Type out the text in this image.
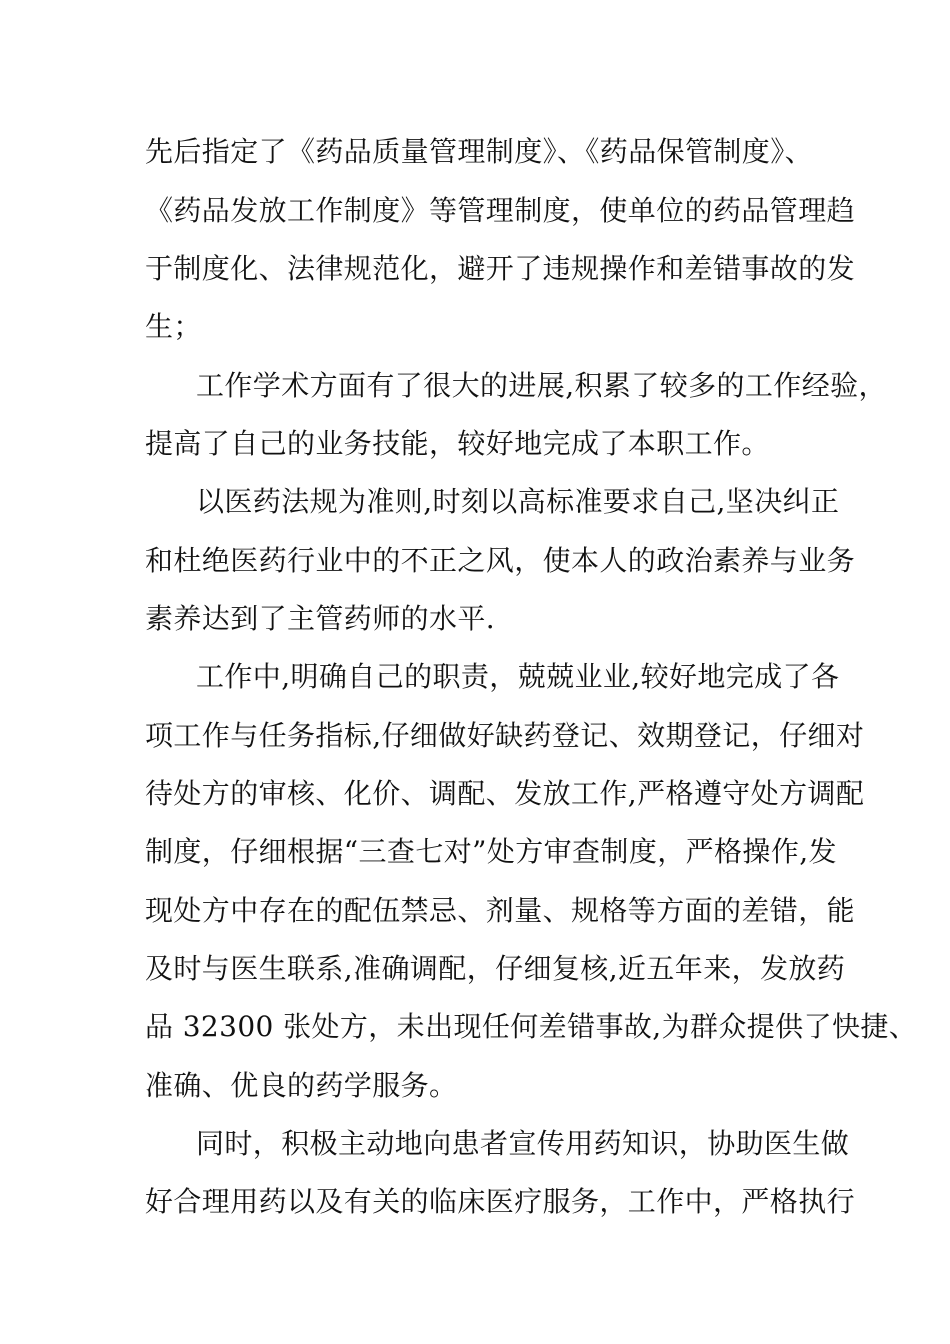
先后指定了《药品质量管理制度》、《药品保管制度》、
《药品发放工作制度》等管理制度，使单位的药品管理趋
于制度化、法律规范化，避开了违规操作和差错事故的发
生；
工作学术方面有了很大的进展,积累了较多的工作经验，
提高了自己的业务技能，较好地完成了本职工作。
以医药法规为准则,时刻以高标准要求自己,坚决纠正
和杜绝医药行业中的不正之风，使本人的政治素养与业务
素养达到了主管药师的水平.
工作中,明确自己的职责，兢兢业业,较好地完成了各
项工作与任务指标,仔细做好缺药登记、效期登记，仔细对
待处方的审核、化价、调配、发放工作,严格遵守处方调配
制度，仔细根据“三查七对”处方审查制度，严格操作,发
现处方中存在的配伍禁忌、剂量、规格等方面的差错，能
及时与医生联系,准确调配，仔细复核,近五年来，发放药
品 32300 张处方，未出现任何差错事故,为群众提供了快捷、
准确、优良的药学服务。
同时，积极主动地向患者宣传用药知识，协助医生做
好合理用药以及有关的临床医疗服务，工作中，严格执行
